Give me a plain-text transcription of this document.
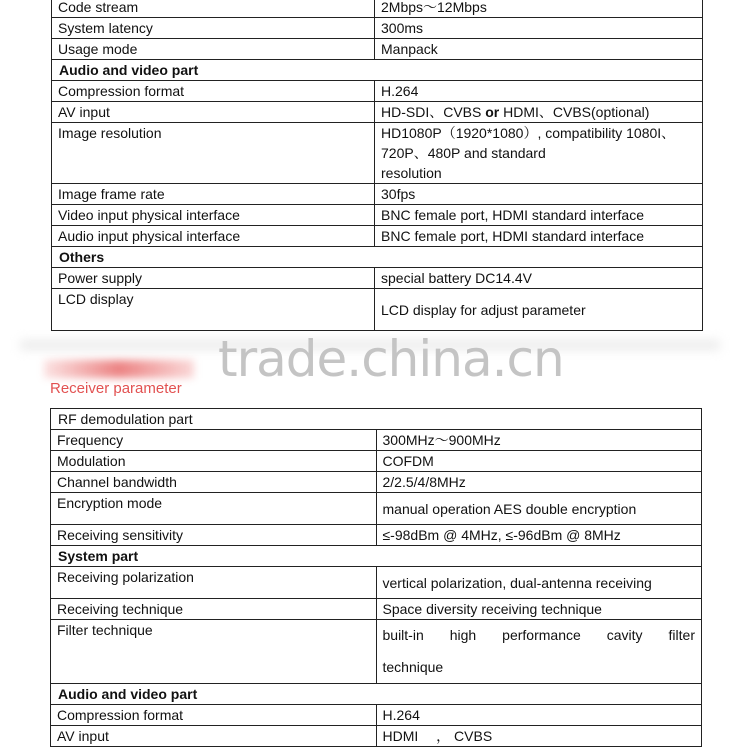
Code stream	2Mbps～12Mbps
System latency	300ms
Usage mode	Manpack
Audio and video part	
Compression format	H.264
AV input	HD-SDI、CVBS or HDMI、CVBS(optional)
Image resolution	HD1080P（1920*1080）, compatibility 1080I、
720P、480P and standard
resolution

Image frame rate	30fps
Video input physical interface	BNC female port, HDMI standard interface
Audio input physical interface	BNC female port, HDMI standard interface
Others	
Power supply	special battery DC14.4V
LCD display	LCD display for adjust parameter
trade.china.cn
Receiver parameter
RF demodulation part	
Frequency	300MHz～900MHz
Modulation	COFDM
Channel bandwidth	2/2.5/4/8MHz
Encryption mode	manual operation AES double encryption
Receiving sensitivity	≤-98dBm @ 4MHz, ≤-96dBm @ 8MHz
System part	
Receiving polarization	vertical polarization, dual-antenna receiving
Receiving technique	Space diversity receiving technique
Filter technique	built-in high performance cavity filter
technique

Audio and video part	
Compression format	H.264
AV input	HDMI　 ， CVBS
